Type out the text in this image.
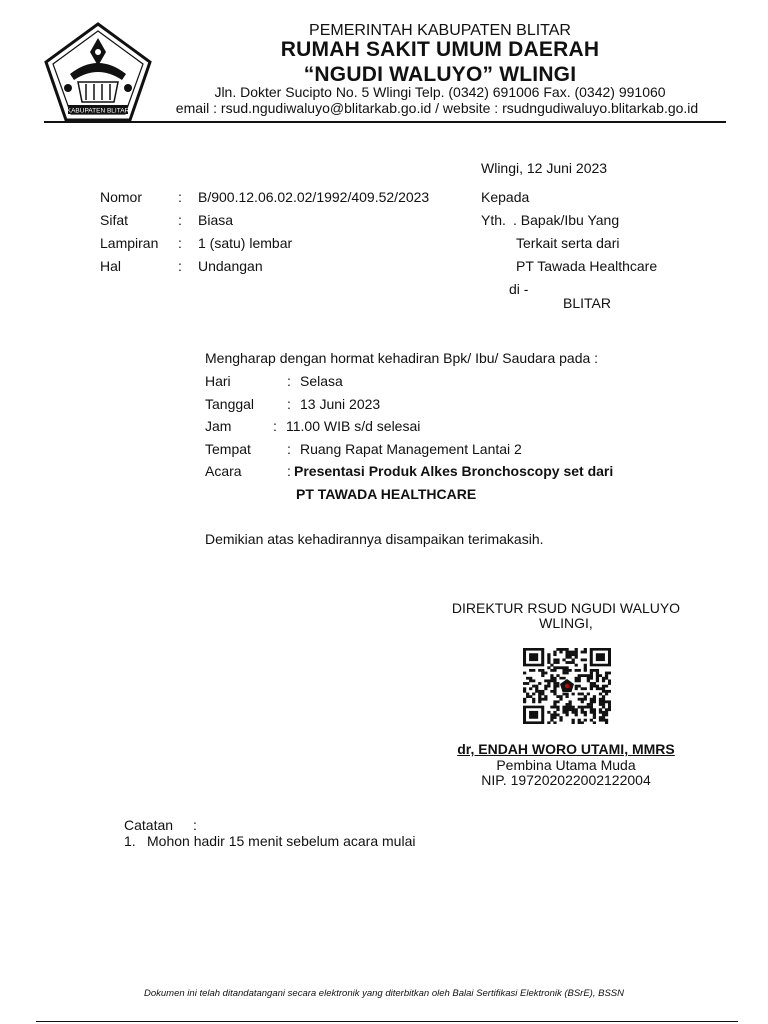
KABUPATEN BLITAR
PEMERINTAH KABUPATEN BLITAR
RUMAH SAKIT UMUM DAERAH
“NGUDI WALUYO” WLINGI
Jln. Dokter Sucipto No. 5 Wlingi Telp. (0342) 691006 Fax. (0342) 991060
email : rsud.ngudiwaluyo@blitarkab.go.id / website : rsudngudiwaluyo.blitarkab.go.id
Wlingi, 12 Juni 2023
Nomor	: B/900.12.06.02.02/1992/409.52/2023
Sifat	: Biasa
Lampiran : 1 (satu) lembar
Hal	: Undangan
Kepada
Yth. . Bapak/Ibu Yang
Terkait serta dari
PT Tawada Healthcare
di -
BLITAR
Mengharap dengan hormat kehadiran Bpk/ Ibu/ Saudara pada :
Hari	: Selasa
Tanggal : 13 Juni 2023
Jam	: 11.00 WIB s/d selesai
Tempat	: Ruang Rapat Management Lantai 2
Acara	: Presentasi Produk Alkes Bronchoscopy set dari
PT TAWADA HEALTHCARE
Demikian atas kehadirannya disampaikan terimakasih.
DIREKTUR RSUD NGUDI WALUYO
WLINGI,
dr, ENDAH WORO UTAMI, MMRS
Pembina Utama Muda
NIP. 197202022002122004
Catatan :
1. Mohon hadir 15 menit sebelum acara mulai
Dokumen ini telah ditandatangani secara elektronik yang diterbitkan oleh Balai Sertifikasi Elektronik (BSrE), BSSN
